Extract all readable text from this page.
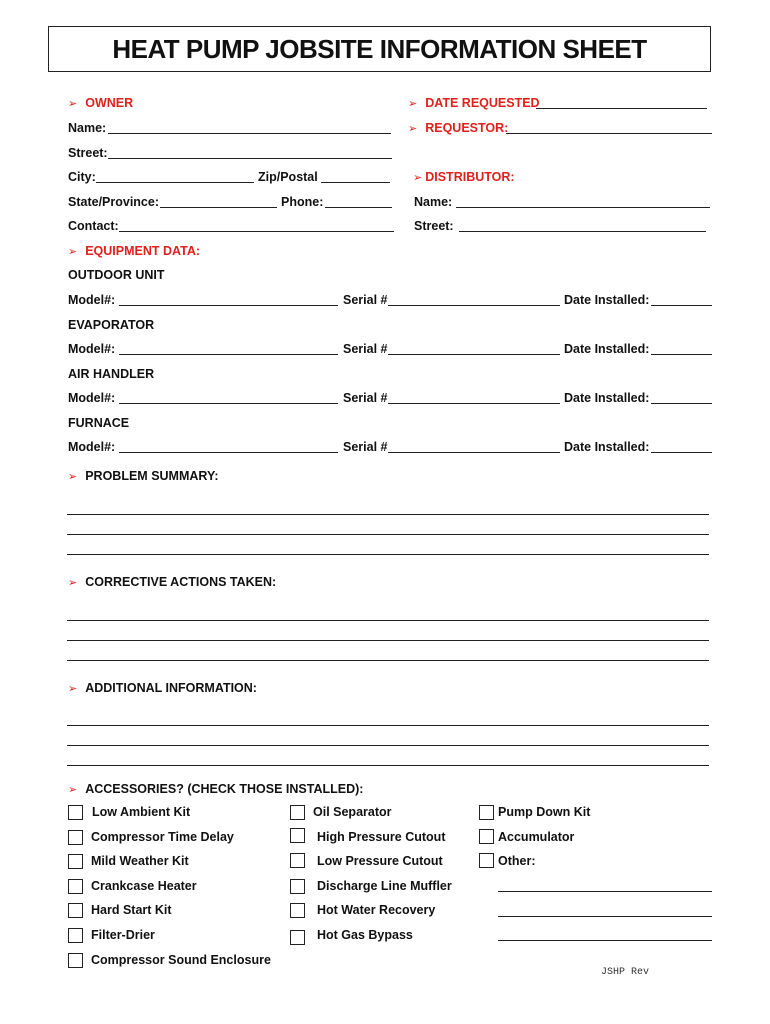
HEAT PUMP JOBSITE INFORMATION SHEET
➢ OWNER
Name:
Street:
City:	Zip/Postal
State/Province:	Phone:
Contact:
➢ DATE REQUESTED
➢ REQUESTOR:
➢ DISTRIBUTOR:
Name:
Street:
➢ EQUIPMENT DATA:
OUTDOOR UNIT
Model#:	Serial #	Date Installed:
EVAPORATOR
Model#:	Serial #	Date Installed:
AIR HANDLER
Model#:	Serial #	Date Installed:
FURNACE
Model#:	Serial #	Date Installed:
➢ PROBLEM SUMMARY:
➢ CORRECTIVE ACTIONS TAKEN:
➢ ADDITIONAL INFORMATION:
➢ ACCESSORIES? (CHECK THOSE INSTALLED):
Low Ambient Kit
Compressor Time Delay
Mild Weather Kit
Crankcase Heater
Hard Start Kit
Filter-Drier
Compressor Sound Enclosure
Oil Separator
High Pressure Cutout
Low Pressure Cutout
Discharge Line Muffler
Hot Water Recovery
Hot Gas Bypass
Pump Down Kit
Accumulator
Other:
JSHP Rev
